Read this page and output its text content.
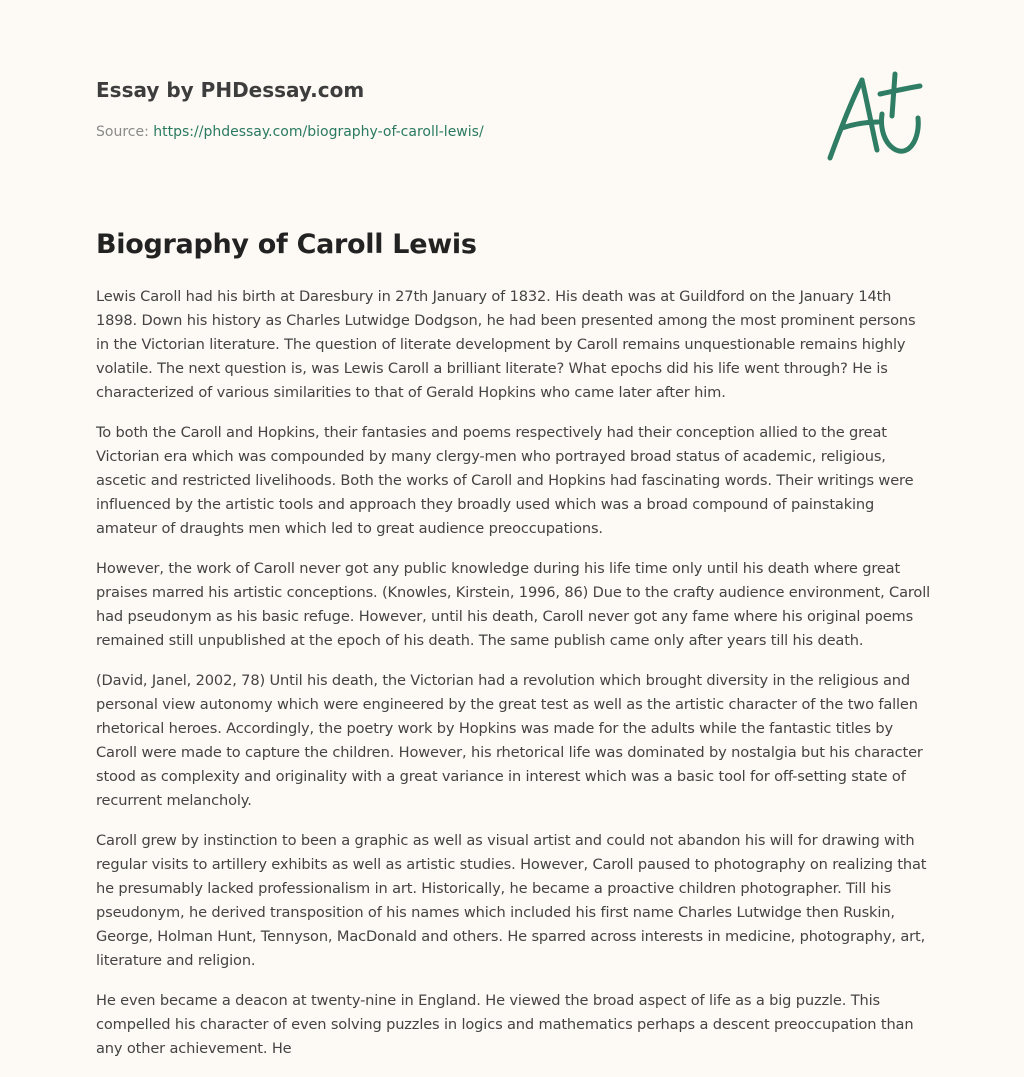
Essay by PHDessay.com
Source: https://phdessay.com/biography-of-caroll-lewis/
Biography of Caroll Lewis

Lewis Caroll had his birth at Daresbury in 27th January of 1832. His death was at Guildford on the January 14th 1898. Down his history as Charles Lutwidge Dodgson, he had been presented among the most prominent persons in the Victorian literature. The question of literate development by Caroll remains unquestionable remains highly volatile. The next question is, was Lewis Caroll a brilliant literate? What epochs did his life went through? He is characterized of various similarities to that of Gerald Hopkins who came later after him.

To both the Caroll and Hopkins, their fantasies and poems respectively had their conception allied to the great Victorian era which was compounded by many clergy-men who portrayed broad status of academic, religious, ascetic and restricted livelihoods. Both the works of Caroll and Hopkins had fascinating words. Their writings were influenced by the artistic tools and approach they broadly used which was a broad compound of painstaking amateur of draughts men which led to great audience preoccupations.

However, the work of Caroll never got any public knowledge during his life time only until his death where great praises marred his artistic conceptions. (Knowles, Kirstein, 1996, 86) Due to the crafty audience environment, Caroll had pseudonym as his basic refuge. However, until his death, Caroll never got any fame where his original poems remained still unpublished at the epoch of his death. The same publish came only after years till his death.

(David, Janel, 2002, 78) Until his death, the Victorian had a revolution which brought diversity in the religious and personal view autonomy which were engineered by the great test as well as the artistic character of the two fallen rhetorical heroes. Accordingly, the poetry work by Hopkins was made for the adults while the fantastic titles by Caroll were made to capture the children. However, his rhetorical life was dominated by nostalgia but his character stood as complexity and originality with a great variance in interest which was a basic tool for off-setting state of recurrent melancholy.

Caroll grew by instinction to been a graphic as well as visual artist and could not abandon his will for drawing with regular visits to artillery exhibits as well as artistic studies. However, Caroll paused to photography on realizing that he presumably lacked professionalism in art. Historically, he became a proactive children photographer. Till his pseudonym, he derived transposition of his names which included his first name Charles Lutwidge then Ruskin, George, Holman Hunt, Tennyson, MacDonald and others. He sparred across interests in medicine, photography, art, literature and religion.

He even became a deacon at twenty-nine in England. He viewed the broad aspect of life as a big puzzle. This compelled his character of even solving puzzles in logics and mathematics perhaps a descent preoccupation than any other achievement. He
